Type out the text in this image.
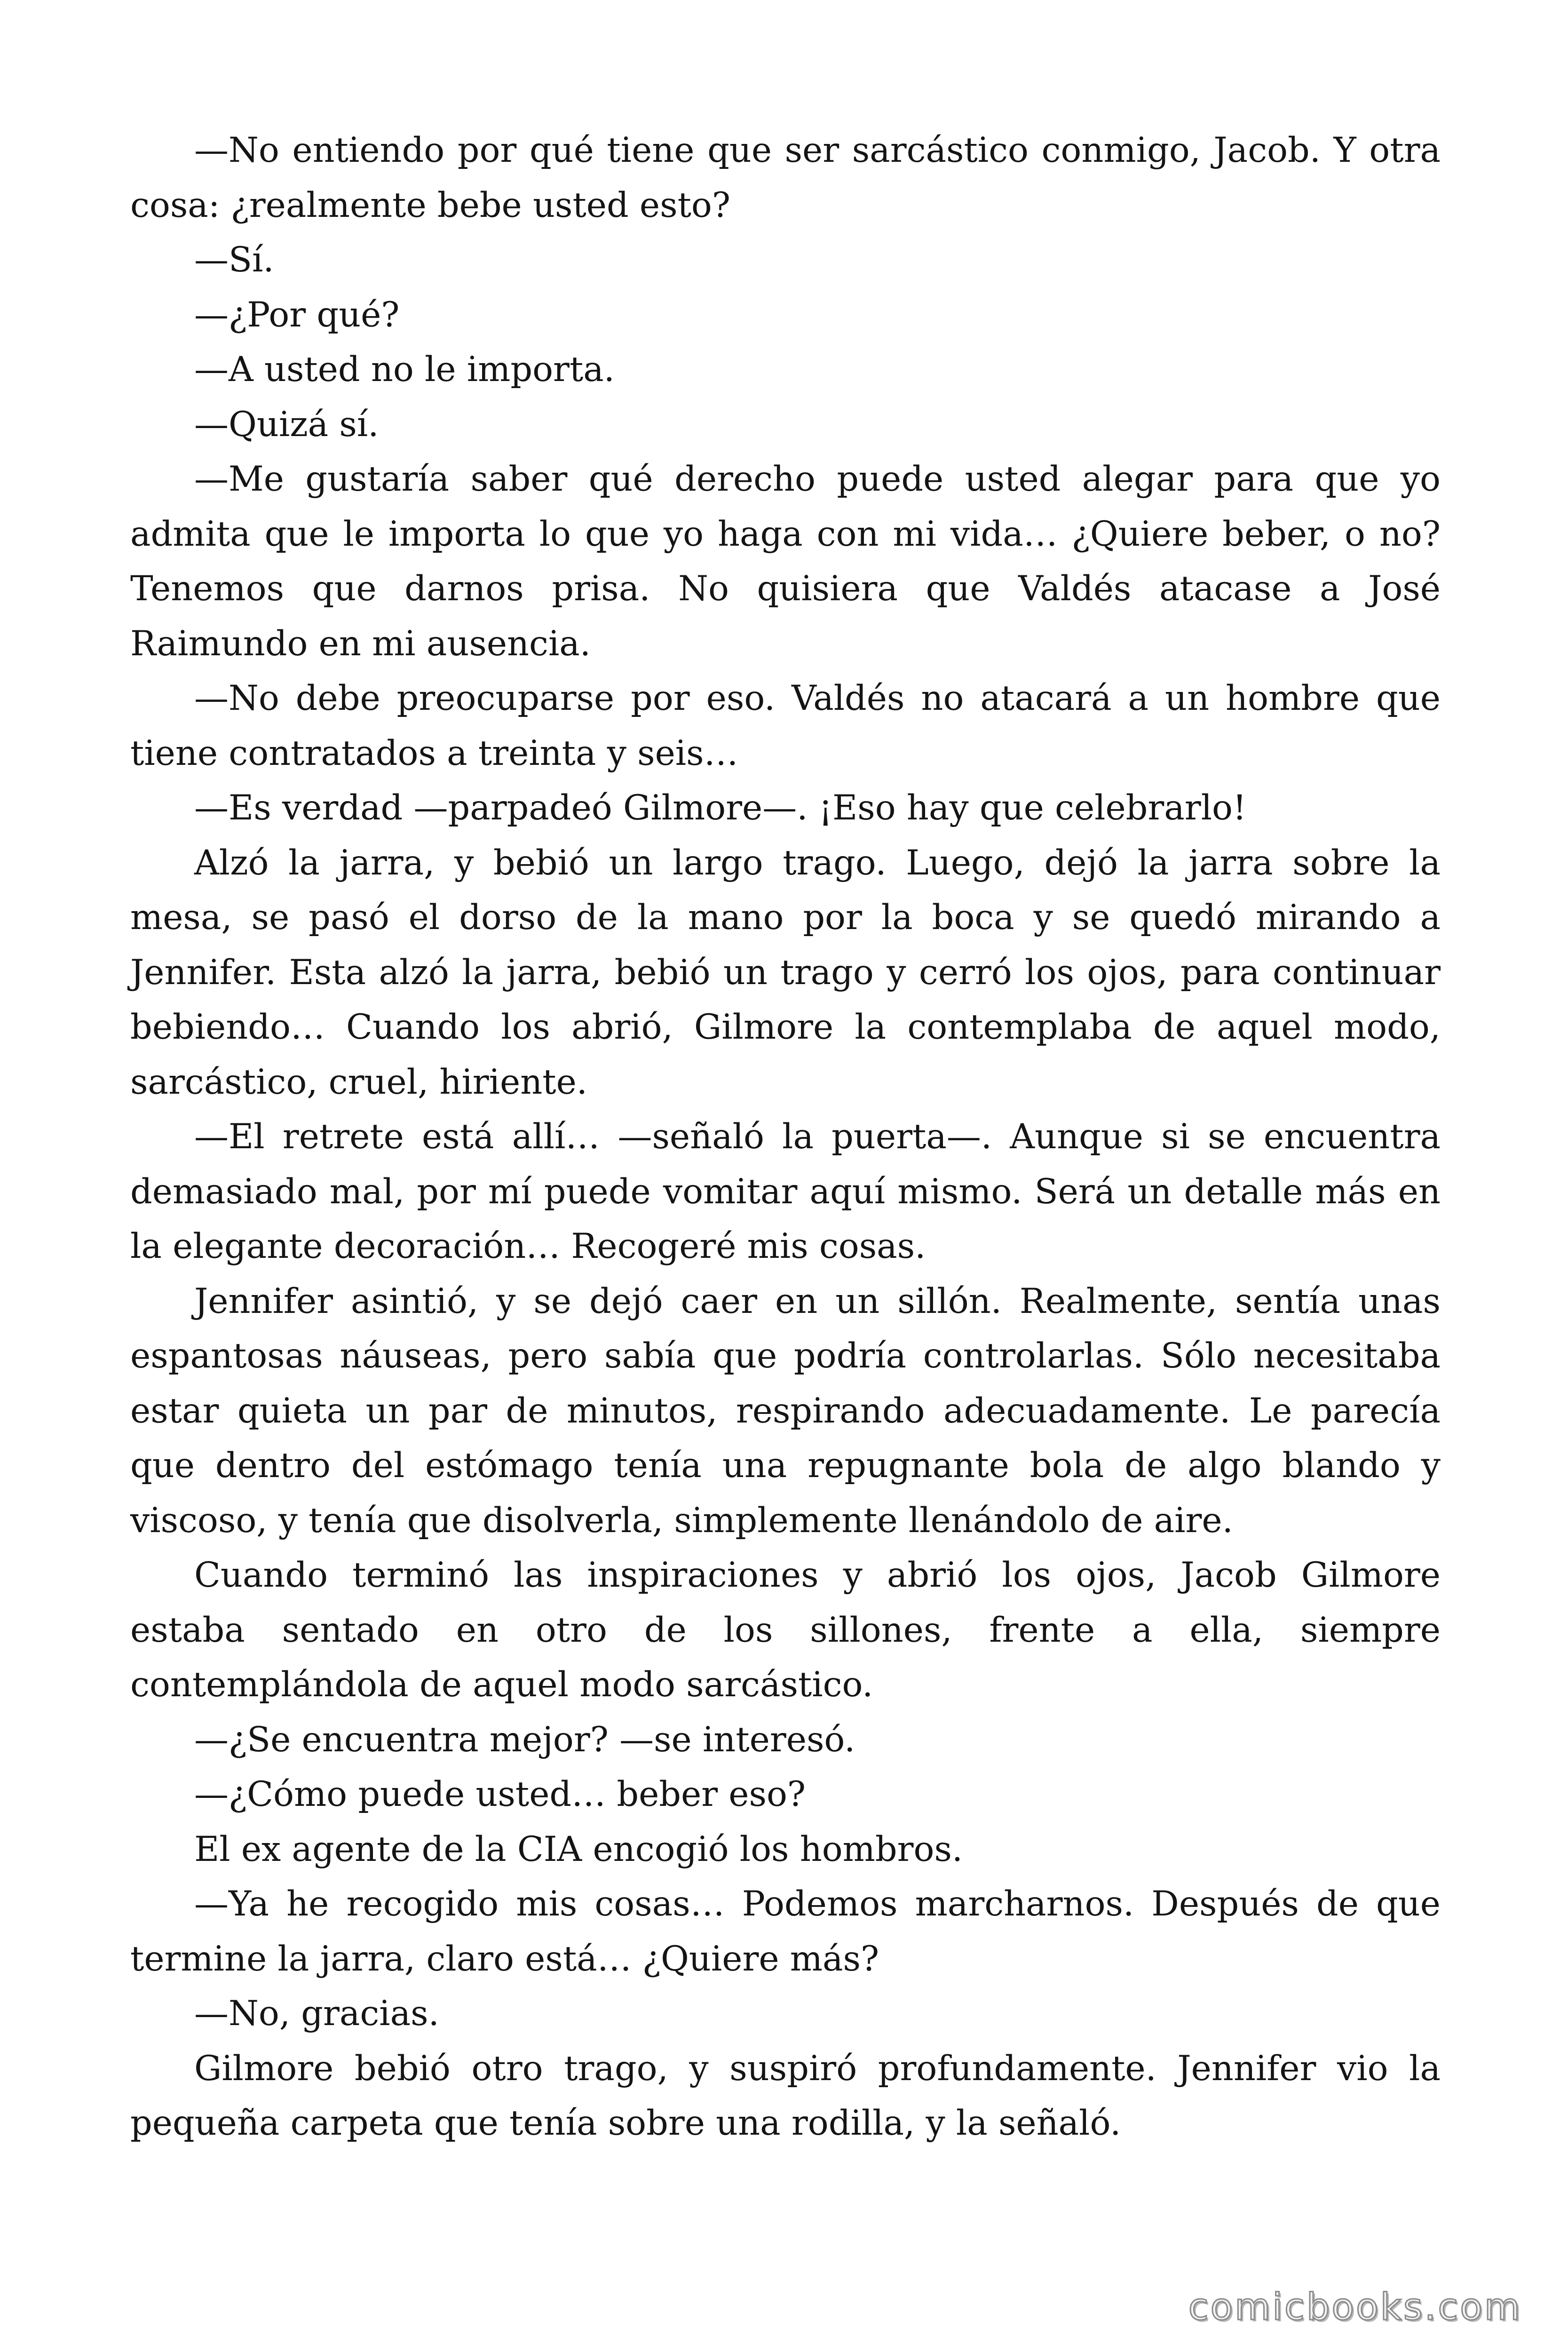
—No entiendo por qué tiene que ser sarcástico conmigo, Jacob. Y otra cosa: ¿realmente bebe usted esto?

—Sí.

—¿Por qué?

—A usted no le importa.

—Quizá sí.

—Me gustaría saber qué derecho puede usted alegar para que yo admita que le importa lo que yo haga con mi vida… ¿Quiere beber, o no? Tenemos que darnos prisa. No quisiera que Valdés atacase a José Raimundo en mi ausencia.

—No debe preocuparse por eso. Valdés no atacará a un hombre que tiene contratados a treinta y seis…

—Es verdad —parpadeó Gilmore—. ¡Eso hay que celebrarlo!

Alzó la jarra, y bebió un largo trago. Luego, dejó la jarra sobre la mesa, se pasó el dorso de la mano por la boca y se quedó mirando a Jennifer. Esta alzó la jarra, bebió un trago y cerró los ojos, para continuar bebiendo… Cuando los abrió, Gilmore la contemplaba de aquel modo, sarcástico, cruel, hiriente.

—El retrete está allí… —señaló la puerta—. Aunque si se encuentra demasiado mal, por mí puede vomitar aquí mismo. Será un detalle más en la elegante decoración… Recogeré mis cosas.

Jennifer asintió, y se dejó caer en un sillón. Realmente, sentía unas espantosas náuseas, pero sabía que podría controlarlas. Sólo necesitaba estar quieta un par de minutos, respirando adecuadamente. Le parecía que dentro del estómago tenía una repugnante bola de algo blando y viscoso, y tenía que disolverla, simplemente llenándolo de aire.

Cuando terminó las inspiraciones y abrió los ojos, Jacob Gilmore estaba sentado en otro de los sillones, frente a ella, siempre contemplándola de aquel modo sarcástico.

—¿Se encuentra mejor? —se interesó.

—¿Cómo puede usted… beber eso?

El ex agente de la CIA encogió los hombros.

—Ya he recogido mis cosas… Podemos marcharnos. Después de que termine la jarra, claro está… ¿Quiere más?

—No, gracias.

Gilmore bebió otro trago, y suspiró profundamente. Jennifer vio la pequeña carpeta que tenía sobre una rodilla, y la señaló.

comicbooks.com
